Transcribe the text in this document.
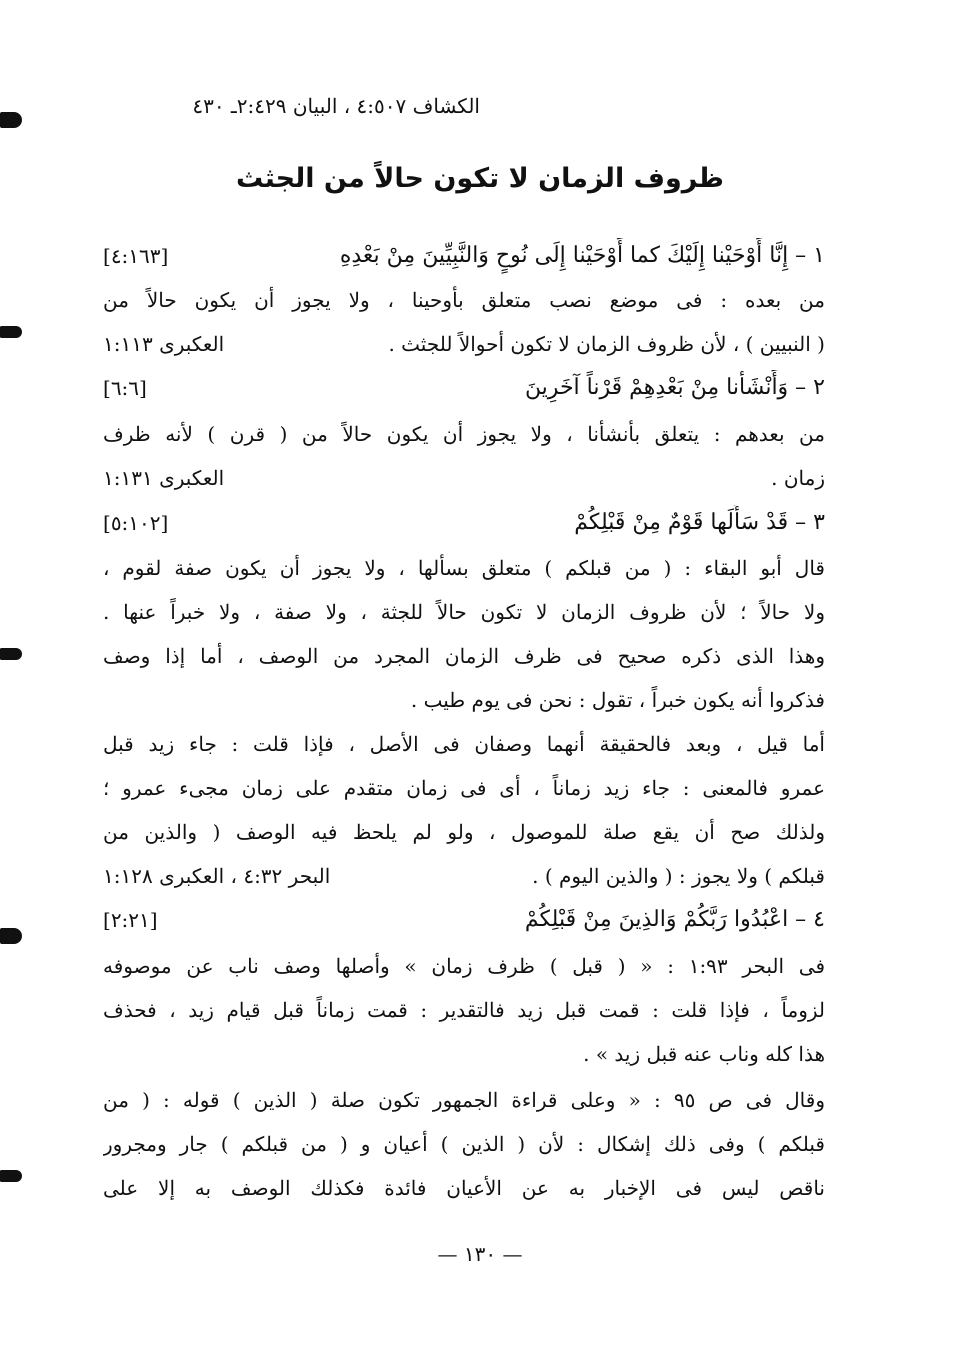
الكشاف ٤:٥٠٧ ، البيان ٢:٤٢٩ـ ٤٣٠
ظروف الزمان لا تكون حالاً من الجثث
١ – إِنَّا أَوْحَيْنا إِلَيْكَ كما أَوْحَيْنا إِلَى نُوحٍ وَالنَّبِيِّينَ مِنْ بَعْدِهِ
[٤:١٦٣]
من بعده : فى موضع نصب متعلق بأوحينا ، ولا يجوز أن يكون حالاً من
( النبيين ) ، لأن ظروف الزمان لا تكون أحوالاً للجثث .
العكبرى ١:١١٣
٢ – وَأَنْشَأْنا مِنْ بَعْدِهِمْ قَرْناً آخَرِينَ
[٦:٦]
من بعدهم : يتعلق بأنشأنا ، ولا يجوز أن يكون حالاً من ( قرن ) لأنه ظرف
زمان .
العكبرى ١:١٣١
٣ – قَدْ سَأَلَها قَوْمٌ مِنْ قَبْلِكُمْ
[٥:١٠٢]
قال أبو البقاء : ( من قبلكم ) متعلق بسألها ، ولا يجوز أن يكون صفة لقوم ،
ولا حالاً ؛ لأن ظروف الزمان لا تكون حالاً للجثة ، ولا صفة ، ولا خبراً عنها .
وهذا الذى ذكره صحيح فى ظرف الزمان المجرد من الوصف ، أما إذا وصف
فذكروا أنه يكون خبراً ، تقول : نحن فى يوم طيب .
أما قيل ، وبعد فالحقيقة أنهما وصفان فى الأصل ، فإذا قلت : جاء زيد قبل
عمرو فالمعنى : جاء زيد زماناً ، أى فى زمان متقدم على زمان مجىء عمرو ؛
ولذلك صح أن يقع صلة للموصول ، ولو لم يلحظ فيه الوصف ( والذين من
قبلكم ) ولا يجوز : ( والذين اليوم ) .
البحر ٤:٣٢ ، العكبرى ١:١٢٨
٤ – اعْبُدُوا رَبَّكُمْ وَالذِينَ مِنْ قَبْلِكُمْ
[٢:٢١]
فى البحر ١:٩٣ : « ( قبل ) ظرف زمان » وأصلها وصف ناب عن موصوفه
لزوماً ، فإذا قلت : قمت قبل زيد فالتقدير : قمت زماناً قبل قيام زيد ، فحذف
هذا كله وناب عنه قبل زيد » .
وقال فى ص ٩٥ : « وعلى قراءة الجمهور تكون صلة ( الذين ) قوله : ( من
قبلكم ) وفى ذلك إشكال : لأن ( الذين ) أعيان و ( من قبلكم ) جار ومجرور
ناقص ليس فى الإخبار به عن الأعيان فائدة فكذلك الوصف به إلا على
— ١٣٠ —
